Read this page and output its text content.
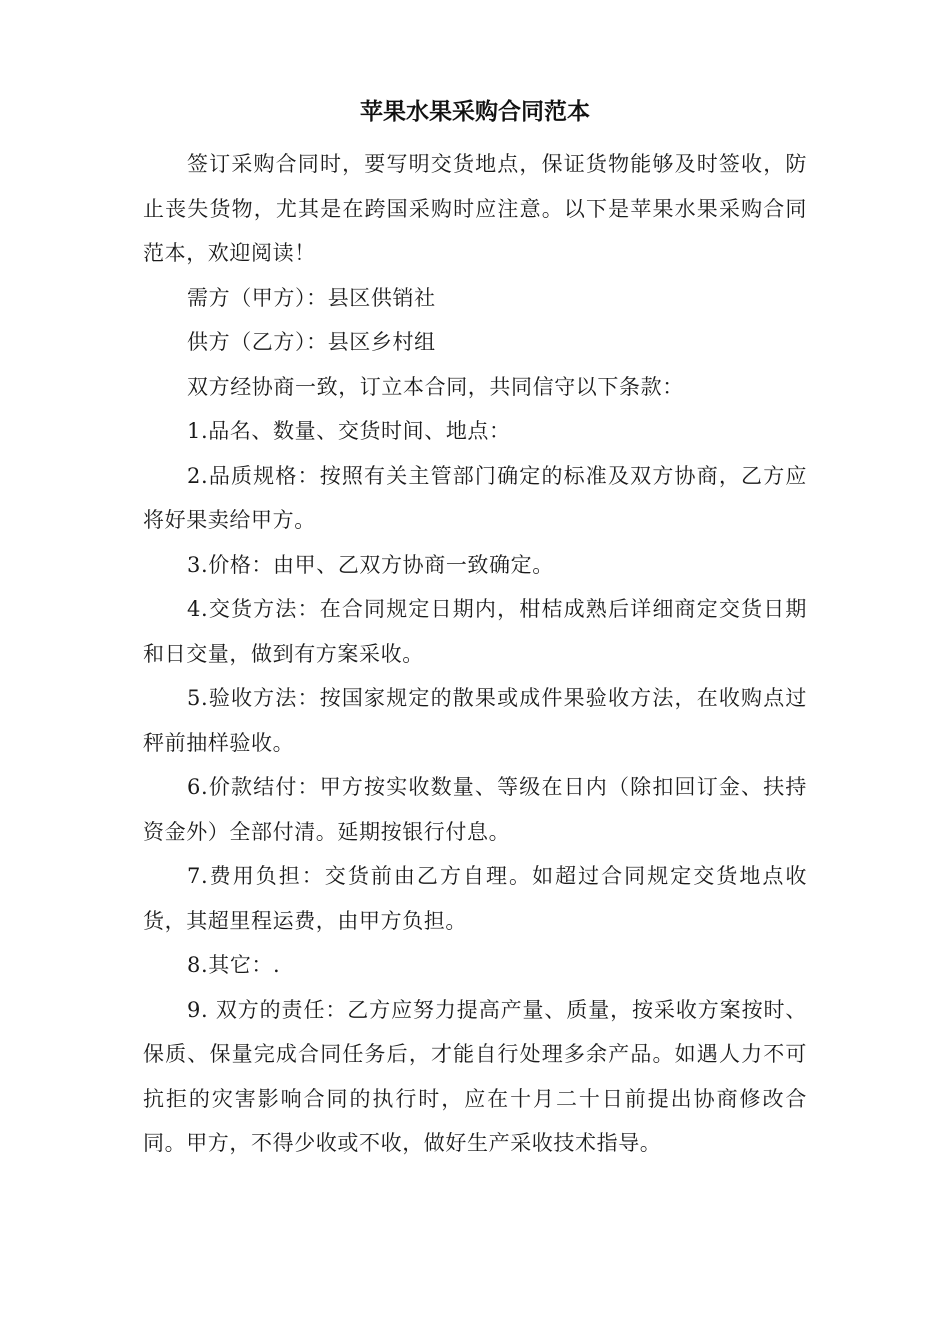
苹果水果采购合同范本

签订采购合同时，要写明交货地点，保证货物能够及时签收，防止丧失货物，尤其是在跨国采购时应注意。以下是苹果水果采购合同范本，欢迎阅读！

需方（甲方）：县区供销社

供方（乙方）：县区乡村组

双方经协商一致，订立本合同，共同信守以下条款：

1.品名、数量、交货时间、地点：

2.品质规格：按照有关主管部门确定的标准及双方协商，乙方应将好果卖给甲方。

3.价格：由甲、乙双方协商一致确定。

4.交货方法：在合同规定日期内，柑桔成熟后详细商定交货日期和日交量，做到有方案采收。

5.验收方法：按国家规定的散果或成件果验收方法，在收购点过秤前抽样验收。

6.价款结付：甲方按实收数量、等级在日内（除扣回订金、扶持 资金外）全部付清。延期按银行付息。

7.费用负担：交货前由乙方自理。如超过合同规定交货地点收货，其超里程运费，由甲方负担。

8.其它：.

9. 双方的责任：乙方应努力提高产量、质量，按采收方案按时、保质、保量完成合同任务后，才能自行处理多余产品。如遇人力不可抗拒的灾害影响合同的执行时，应在十月二十日前提出协商修改合同。甲方，不得少收或不收，做好生产采收技术指导。
